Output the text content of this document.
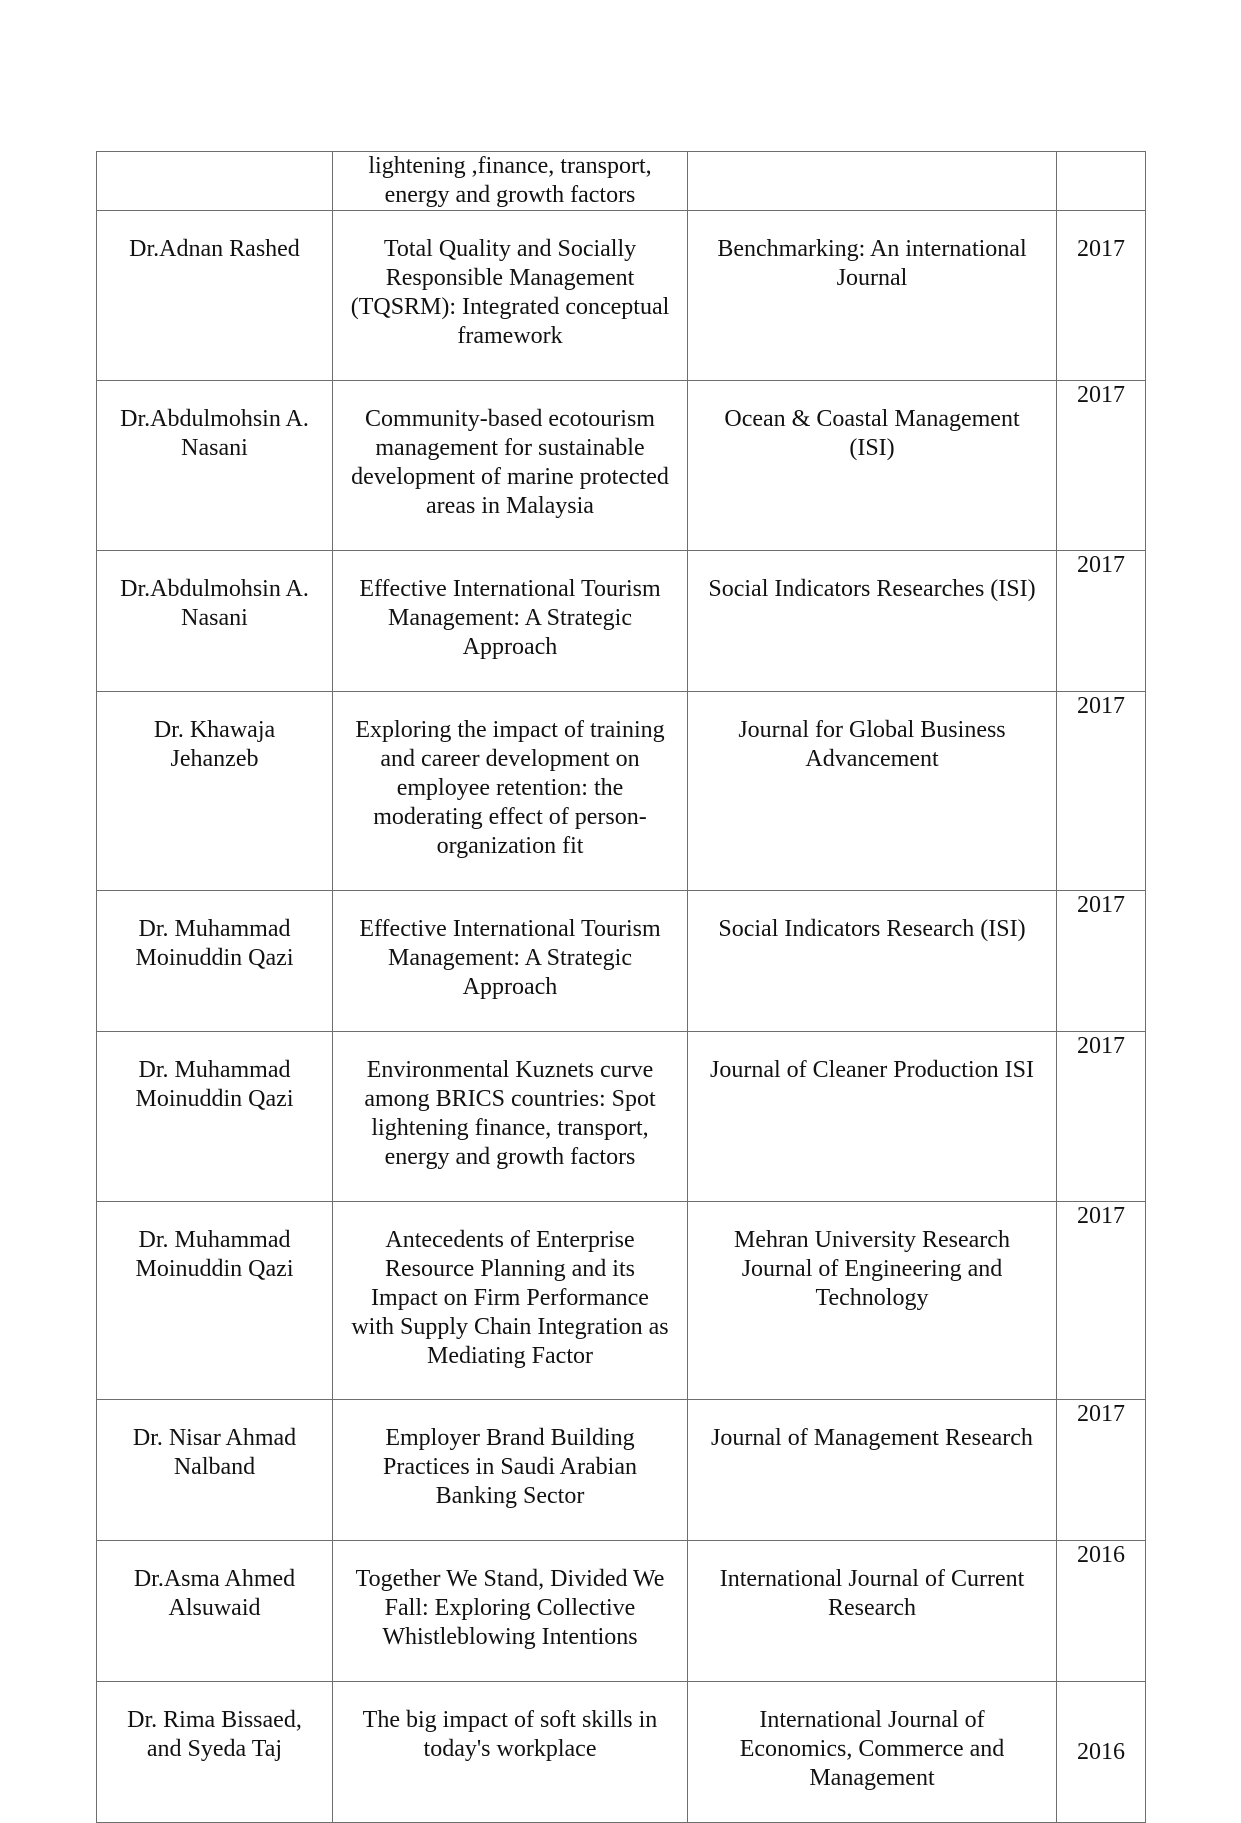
	lightening ,finance, transport,
energy and growth factors		

Dr.Adnan Rashed	Total Quality and Socially
Responsible Management
(TQSRM): Integrated conceptual
framework	Benchmarking: An international
Journal	2017

Dr.Abdulmohsin A.
Nasani	Community-based ecotourism
management for sustainable
development of marine protected
areas in Malaysia	Ocean & Coastal Management
(ISI)	2017

Dr.Abdulmohsin A.
Nasani	Effective International Tourism
Management: A Strategic
Approach	Social Indicators Researches (ISI)	2017

Dr. Khawaja
Jehanzeb	Exploring the impact of training
and career development on
employee retention: the
moderating effect of person-
organization fit	Journal for Global Business
Advancement	2017

Dr. Muhammad
Moinuddin Qazi	Effective International Tourism
Management: A Strategic
Approach	Social Indicators Research (ISI)	2017

Dr. Muhammad
Moinuddin Qazi	Environmental Kuznets curve
among BRICS countries: Spot
lightening finance, transport,
energy and growth factors	Journal of Cleaner Production ISI	2017

Dr. Muhammad
Moinuddin Qazi	Antecedents of Enterprise
Resource Planning and its
Impact on Firm Performance
with Supply Chain Integration as
Mediating Factor	Mehran University Research
Journal of Engineering and
Technology	2017

Dr. Nisar Ahmad
Nalband	Employer Brand Building
Practices in Saudi Arabian
Banking Sector	Journal of Management Research	2017

Dr.Asma Ahmed
Alsuwaid	Together We Stand, Divided We
Fall: Exploring Collective
Whistleblowing Intentions	International Journal of Current
Research	2016

Dr. Rima Bissaed,
and Syeda Taj	The big impact of soft skills in
today's workplace	International Journal of
Economics, Commerce and
Management	2016
